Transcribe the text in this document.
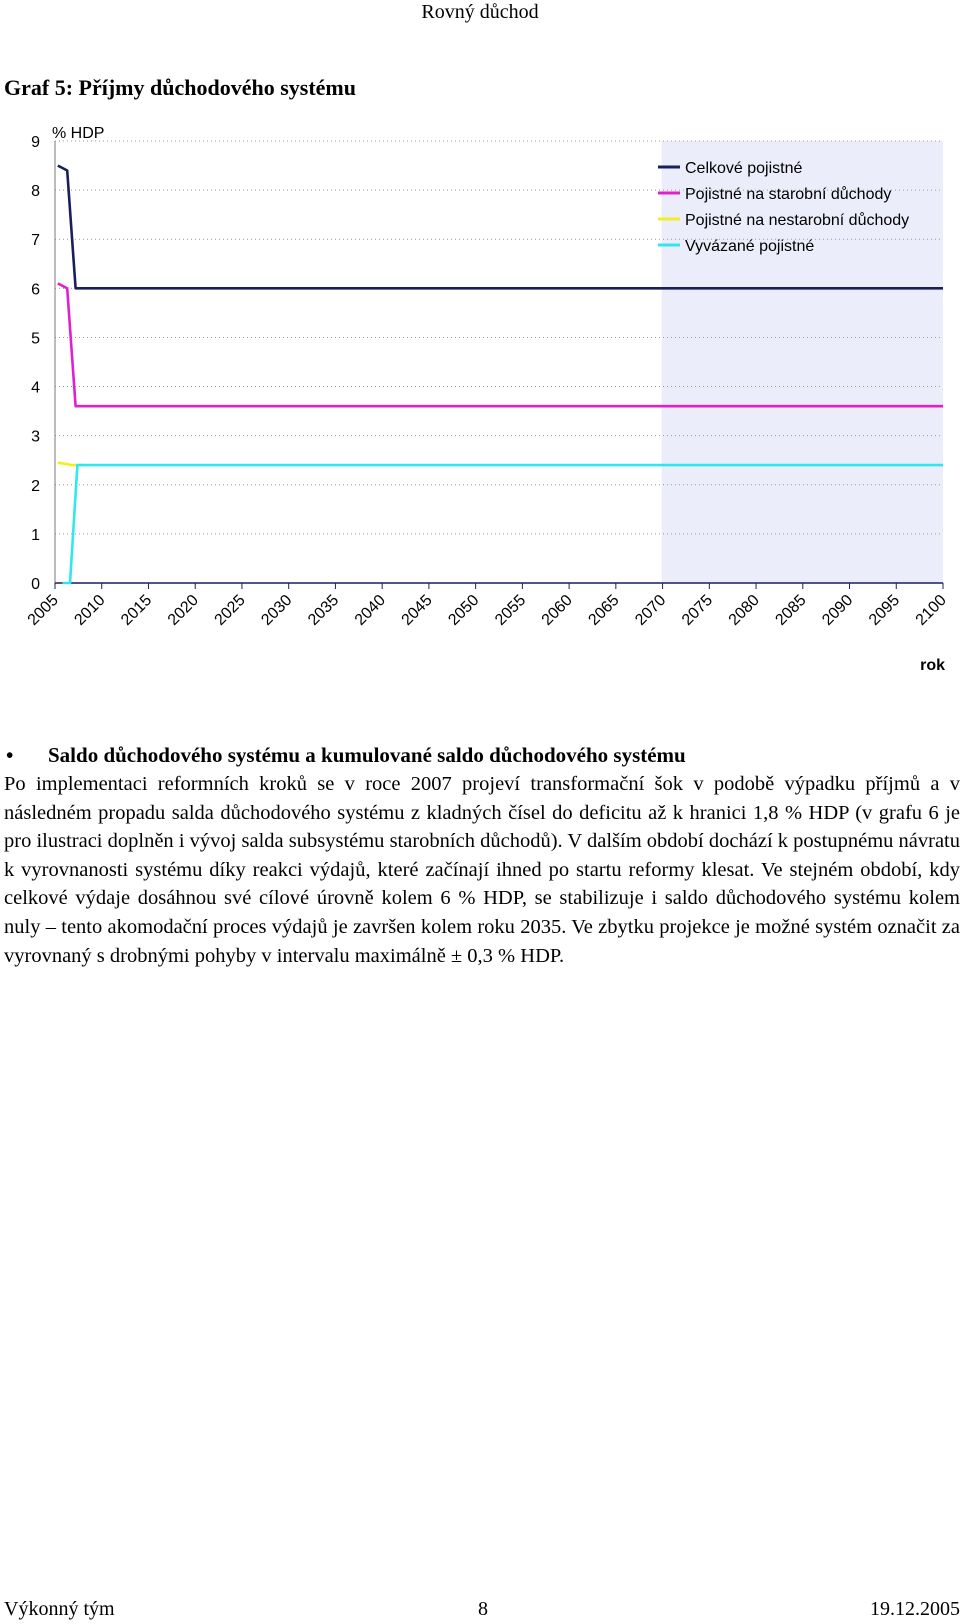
Rovný důchod
Graf 5: Příjmy důchodového systému
0
1
2
3
4
5
6
7
8
9
2005 2010 2015 2020 2025 2030 2035 2040 2045 2050 2055 2060 2065 2070 2075 2080 2085 2090 2095 2100
% HDP
rok
Celkové pojistné
Pojistné na starobní důchody
Pojistné na nestarobní důchody
Vyvázané pojistné
• Saldo důchodového systému a kumulované saldo důchodového systému
Po implementaci reformních kroků se v roce 2007 projeví transformační šok v podobě výpadku příjmů a v následném propadu salda důchodového systému z kladných čísel do deficitu až k hranici 1,8 % HDP (v grafu 6 je pro ilustraci doplněn i vývoj salda subsystému starobních důchodů). V dalším období dochází k postupnému návratu k vyrovnanosti systému díky reakci výdajů, které začínají ihned po startu reformy klesat. Ve stejném období, kdy celkové výdaje dosáhnou své cílové úrovně kolem 6 % HDP, se stabilizuje i saldo důchodového systému kolem nuly – tento akomodační proces výdajů je završen kolem roku 2035. Ve zbytku projekce je možné systém označit za vyrovnaný s drobnými pohyby v intervalu maximálně ± 0,3 % HDP.
Výkonný tým	8	19.12.2005
